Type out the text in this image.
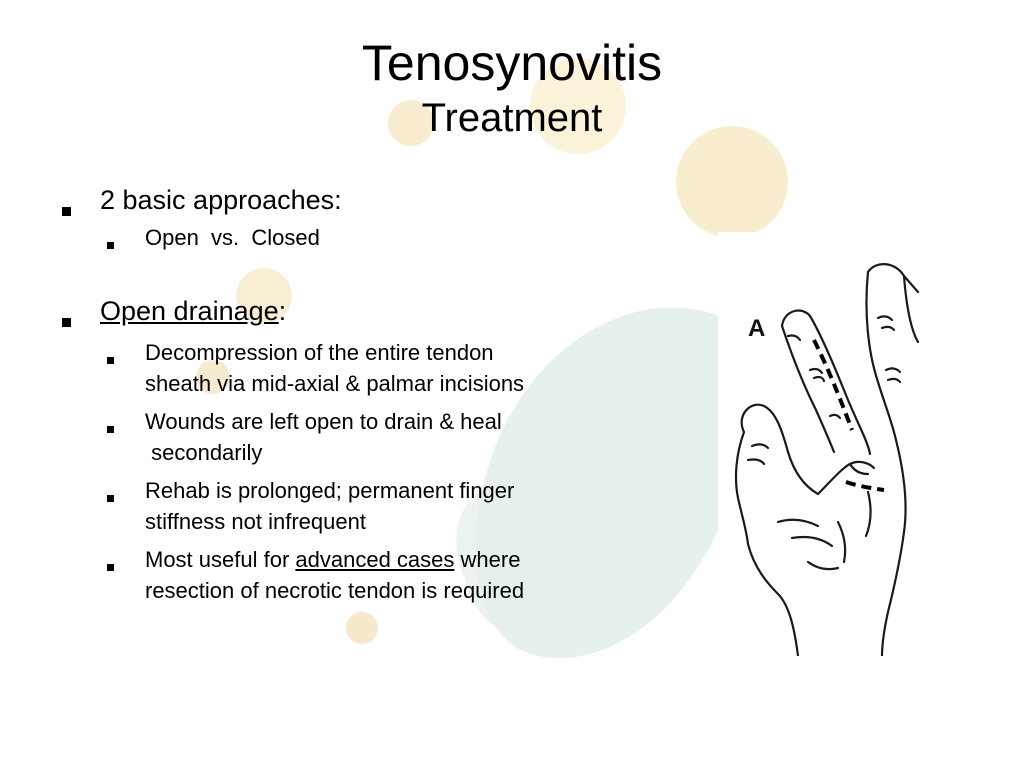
Tenosynovitis
Treatment
2 basic approaches:
Open  vs.  Closed
Open drainage:
Decompression of the entire tendon
sheath via mid-axial & palmar incisions
Wounds are left open to drain & heal
secondarily
Rehab is prolonged; permanent finger
stiffness not infrequent
Most useful for advanced cases where
resection of necrotic tendon is required
A
